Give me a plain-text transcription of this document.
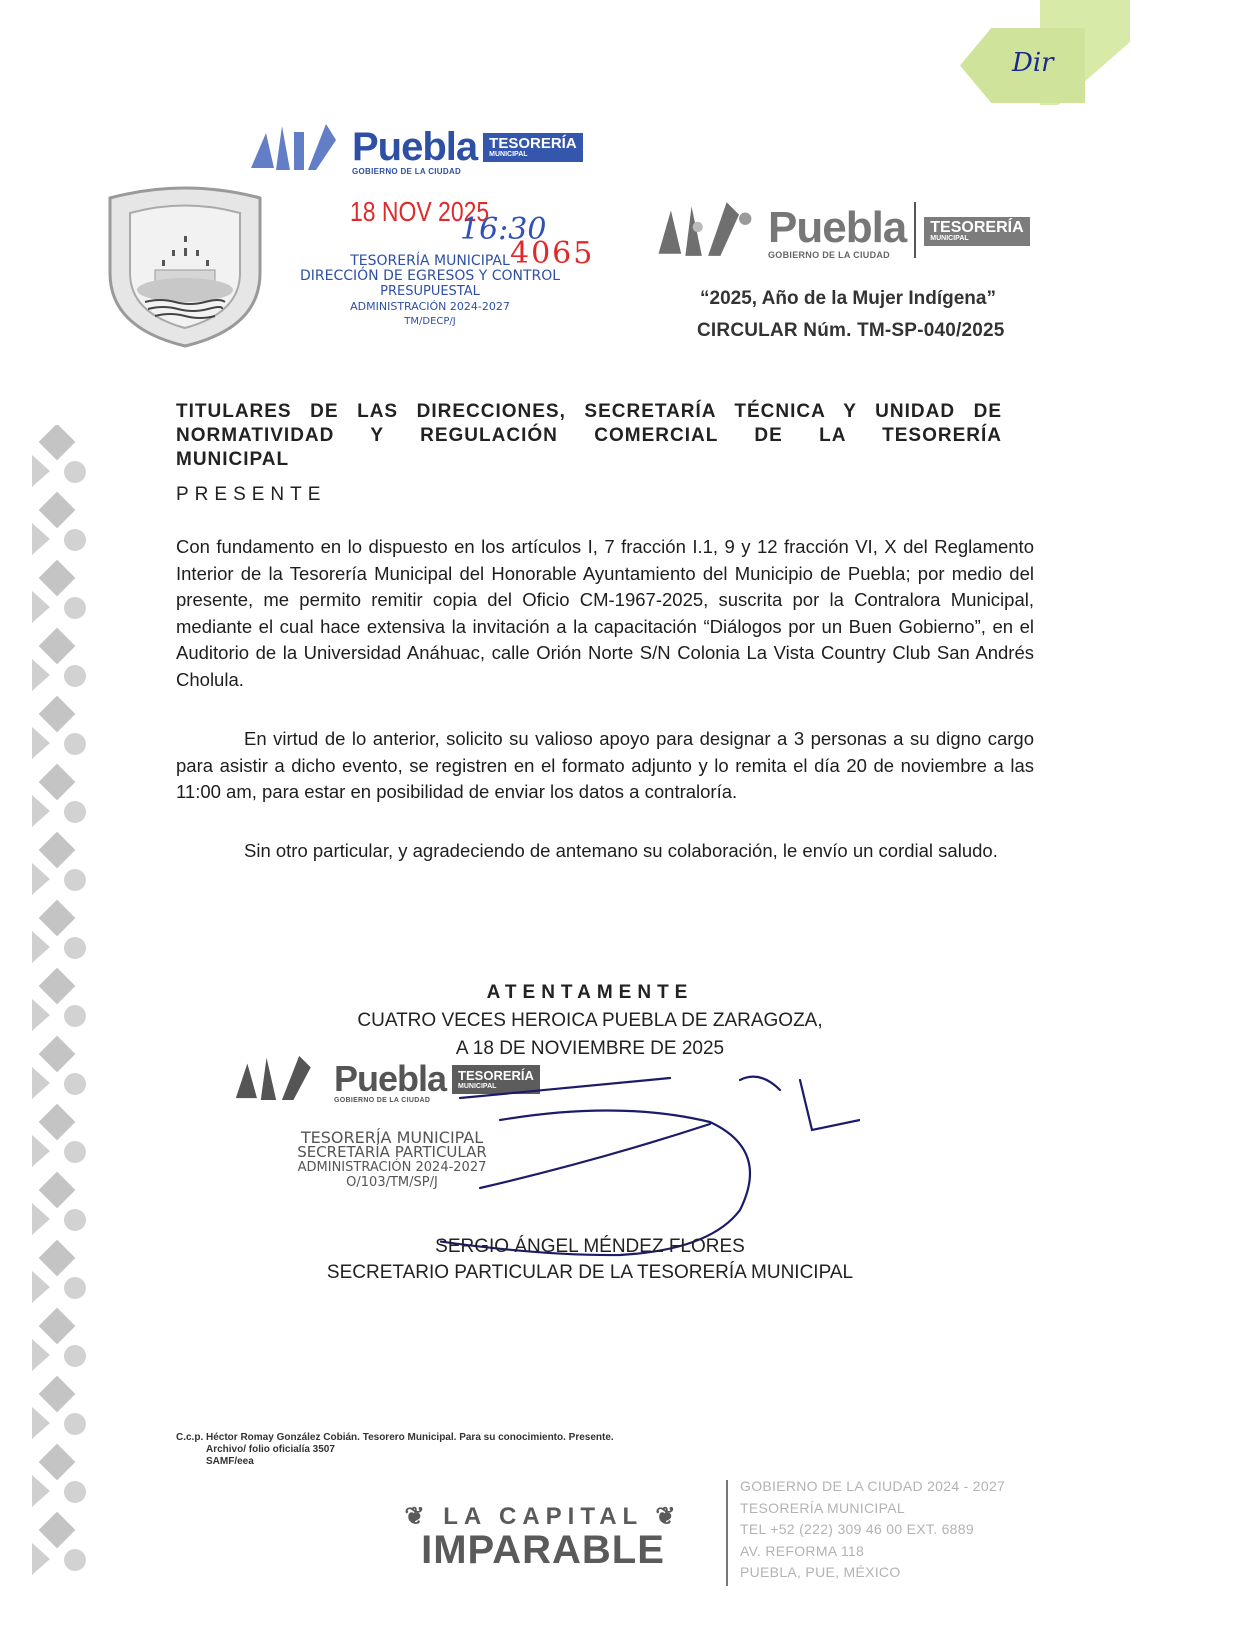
Dir
Puebla
GOBIERNO DE LA CIUDAD
TESORERÍA
MUNICIPAL
18 NOV 2025
16:30
4065
TESORERÍA MUNICIPAL
DIRECCIÓN DE EGRESOS Y CONTROL
PRESUPUESTAL
ADMINISTRACIÓN 2024-2027
TM/DECP/J
Puebla
GOBIERNO DE LA CIUDAD
TESORERÍA
MUNICIPAL
“2025, Año de la Mujer Indígena”
CIRCULAR Núm. TM-SP-040/2025
TITULARES DE LAS DIRECCIONES, SECRETARÍA TÉCNICA Y UNIDAD DE
NORMATIVIDAD Y REGULACIÓN COMERCIAL DE LA TESORERÍA
MUNICIPAL
PRESENTE
Con fundamento en lo dispuesto en los artículos I, 7 fracción I.1, 9 y 12 fracción VI, X del Reglamento Interior de la Tesorería Municipal del Honorable Ayuntamiento del Municipio de Puebla; por medio del presente, me permito remitir copia del Oficio CM-1967-2025, suscrita por la Contralora Municipal, mediante el cual hace extensiva la invitación a la capacitación “Diálogos por un Buen Gobierno”, en el Auditorio de la Universidad Anáhuac, calle Orión Norte S/N Colonia La Vista Country Club San Andrés Cholula.
En virtud de lo anterior, solicito su valioso apoyo para designar a 3 personas a su digno cargo para asistir a dicho evento, se registren en el formato adjunto y lo remita el día 20 de noviembre a las 11:00 am, para estar en posibilidad de enviar los datos a contraloría.
Sin otro particular, y agradeciendo de antemano su colaboración, le envío un cordial saludo.
ATENTAMENTE
CUATRO VECES HEROICA PUEBLA DE ZARAGOZA,
A 18 DE NOVIEMBRE DE 2025
Puebla
GOBIERNO DE LA CIUDAD
TESORERÍA
MUNICIPAL
TESORERÍA MUNICIPAL
SECRETARÍA PARTICULAR
ADMINISTRACIÓN 2024-2027
O/103/TM/SP/J
SERGIO ÁNGEL MÉNDEZ FLORES
SECRETARIO PARTICULAR DE LA TESORERÍA MUNICIPAL
C.c.p. Héctor Romay González Cobián. Tesorero Municipal. Para su conocimiento. Presente.
Archivo/ folio oficialía 3507
SAMF/eea
❦ LA CAPITAL ❦
IMPARABLE
GOBIERNO DE LA CIUDAD 2024 - 2027
TESORERÍA MUNICIPAL
TEL +52 (222) 309 46 00 EXT. 6889
AV. REFORMA 118
PUEBLA, PUE, MÉXICO
